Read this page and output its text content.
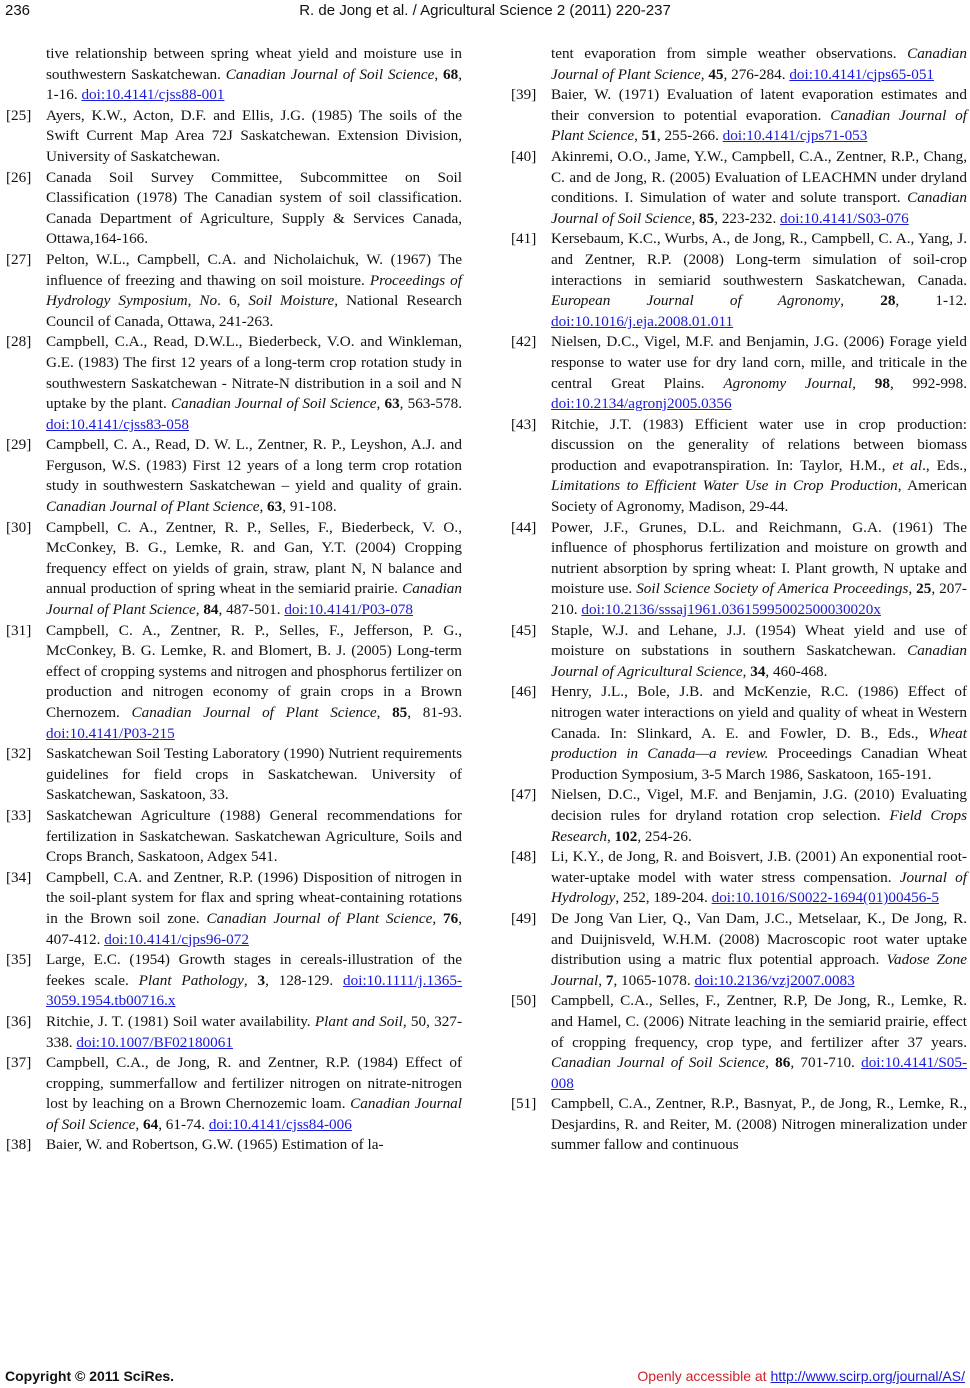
236	R. de Jong et al. / Agricultural Science 2 (2011) 220-237
tive relationship between spring wheat yield and moisture use in southwestern Saskatchewan. Canadian Journal of Soil Science, 68, 1-16. doi:10.4141/cjss88-001
[25] Ayers, K.W., Acton, D.F. and Ellis, J.G. (1985) The soils of the Swift Current Map Area 72J Saskatchewan. Extension Division, University of Saskatchewan.
[26] Canada Soil Survey Committee, Subcommittee on Soil Classification (1978) The Canadian system of soil classification. Canada Department of Agriculture, Supply & Services Canada, Ottawa,164-166.
[27] Pelton, W.L., Campbell, C.A. and Nicholaichuk, W. (1967) The influence of freezing and thawing on soil moisture. Proceedings of Hydrology Symposium, No. 6, Soil Moisture, National Research Council of Canada, Ottawa, 241-263.
[28] Campbell, C.A., Read, D.W.L., Biederbeck, V.O. and Winkleman, G.E. (1983) The first 12 years of a long-term crop rotation study in southwestern Saskatchewan - Nitrate-N distribution in a soil and N uptake by the plant. Canadian Journal of Soil Science, 63, 563-578. doi:10.4141/cjss83-058
[29] Campbell, C. A., Read, D. W. L., Zentner, R. P., Leyshon, A.J. and Ferguson, W.S. (1983) First 12 years of a long term crop rotation study in southwestern Saskatchewan – yield and quality of grain. Canadian Journal of Plant Science, 63, 91-108.
[30] Campbell, C. A., Zentner, R. P., Selles, F., Biederbeck, V. O., McConkey, B. G., Lemke, R. and Gan, Y.T. (2004) Cropping frequency effect on yields of grain, straw, plant N, N balance and annual production of spring wheat in the semiarid prairie. Canadian Journal of Plant Science, 84, 487-501. doi:10.4141/P03-078
[31] Campbell, C. A., Zentner, R. P., Selles, F., Jefferson, P. G., McConkey, B. G. Lemke, R. and Blomert, B. J. (2005) Long-term effect of cropping systems and nitrogen and phosphorus fertilizer on production and nitrogen economy of grain crops in a Brown Chernozem. Canadian Journal of Plant Science, 85, 81-93. doi:10.4141/P03-215
[32] Saskatchewan Soil Testing Laboratory (1990) Nutrient requirements guidelines for field crops in Saskatchewan. University of Saskatchewan, Saskatoon, 33.
[33] Saskatchewan Agriculture (1988) General recommendations for fertilization in Saskatchewan. Saskatchewan Agriculture, Soils and Crops Branch, Saskatoon, Adgex 541.
[34] Campbell, C.A. and Zentner, R.P. (1996) Disposition of nitrogen in the soil-plant system for flax and spring wheat-containing rotations in the Brown soil zone. Canadian Journal of Plant Science, 76, 407-412. doi:10.4141/cjps96-072
[35] Large, E.C. (1954) Growth stages in cereals-illustration of the feekes scale. Plant Pathology, 3, 128-129. doi:10.1111/j.1365-3059.1954.tb00716.x
[36] Ritchie, J. T. (1981) Soil water availability. Plant and Soil, 50, 327-338. doi:10.1007/BF02180061
[37] Campbell, C.A., de Jong, R. and Zentner, R.P. (1984) Effect of cropping, summerfallow and fertilizer nitrogen on nitrate-nitrogen lost by leaching on a Brown Chernozemic loam. Canadian Journal of Soil Science, 64, 61-74. doi:10.4141/cjss84-006
[38] Baier, W. and Robertson, G.W. (1965) Estimation of la-
tent evaporation from simple weather observations. Canadian Journal of Plant Science, 45, 276-284. doi:10.4141/cjps65-051
[39] Baier, W. (1971) Evaluation of latent evaporation estimates and their conversion to potential evaporation. Canadian Journal of Plant Science, 51, 255-266. doi:10.4141/cjps71-053
[40] Akinremi, O.O., Jame, Y.W., Campbell, C.A., Zentner, R.P., Chang, C. and de Jong, R. (2005) Evaluation of LEACHMN under dryland conditions. I. Simulation of water and solute transport. Canadian Journal of Soil Science, 85, 223-232. doi:10.4141/S03-076
[41] Kersebaum, K.C., Wurbs, A., de Jong, R., Campbell, C. A., Yang, J. and Zentner, R.P. (2008) Long-term simulation of soil-crop interactions in semiarid southwestern Saskatchewan, Canada. European Journal of Agronomy, 28, 1-12. doi:10.1016/j.eja.2008.01.011
[42] Nielsen, D.C., Vigel, M.F. and Benjamin, J.G. (2006) Forage yield response to water use for dry land corn, mille, and triticale in the central Great Plains. Agronomy Journal, 98, 992-998. doi:10.2134/agronj2005.0356
[43] Ritchie, J.T. (1983) Efficient water use in crop production: discussion on the generality of relations between biomass production and evapotranspiration. In: Taylor, H.M., et al., Eds., Limitations to Efficient Water Use in Crop Production, American Society of Agronomy, Madison, 29-44.
[44] Power, J.F., Grunes, D.L. and Reichmann, G.A. (1961) The influence of phosphorus fertilization and moisture on growth and nutrient absorption by spring wheat: I. Plant growth, N uptake and moisture use. Soil Science Society of America Proceedings, 25, 207-210. doi:10.2136/sssaj1961.03615995002500030020x
[45] Staple, W.J. and Lehane, J.J. (1954) Wheat yield and use of moisture on substations in southern Saskatchewan. Canadian Journal of Agricultural Science, 34, 460-468.
[46] Henry, J.L., Bole, J.B. and McKenzie, R.C. (1986) Effect of nitrogen water interactions on yield and quality of wheat in Western Canada. In: Slinkard, A. E. and Fowler, D. B., Eds., Wheat production in Canada—a review. Proceedings Canadian Wheat Production Symposium, 3-5 March 1986, Saskatoon, 165-191.
[47] Nielsen, D.C., Vigel, M.F. and Benjamin, J.G. (2010) Evaluating decision rules for dryland rotation crop selection. Field Crops Research, 102, 254-26.
[48] Li, K.Y., de Jong, R. and Boisvert, J.B. (2001) An exponential root-water-uptake model with water stress compensation. Journal of Hydrology, 252, 189-204. doi:10.1016/S0022-1694(01)00456-5
[49] De Jong Van Lier, Q., Van Dam, J.C., Metselaar, K., De Jong, R. and Duijnisveld, W.H.M. (2008) Macroscopic root water uptake distribution using a matric flux potential approach. Vadose Zone Journal, 7, 1065-1078. doi:10.2136/vzj2007.0083
[50] Campbell, C.A., Selles, F., Zentner, R.P, De Jong, R., Lemke, R. and Hamel, C. (2006) Nitrate leaching in the semiarid prairie, effect of cropping frequency, crop type, and fertilizer after 37 years. Canadian Journal of Soil Science, 86, 701-710. doi:10.4141/S05-008
[51] Campbell, C.A., Zentner, R.P., Basnyat, P., de Jong, R., Lemke, R., Desjardins, R. and Reiter, M. (2008) Nitrogen mineralization under summer fallow and continuous
Copyright © 2011 SciRes.	Openly accessible at http://www.scirp.org/journal/AS/
